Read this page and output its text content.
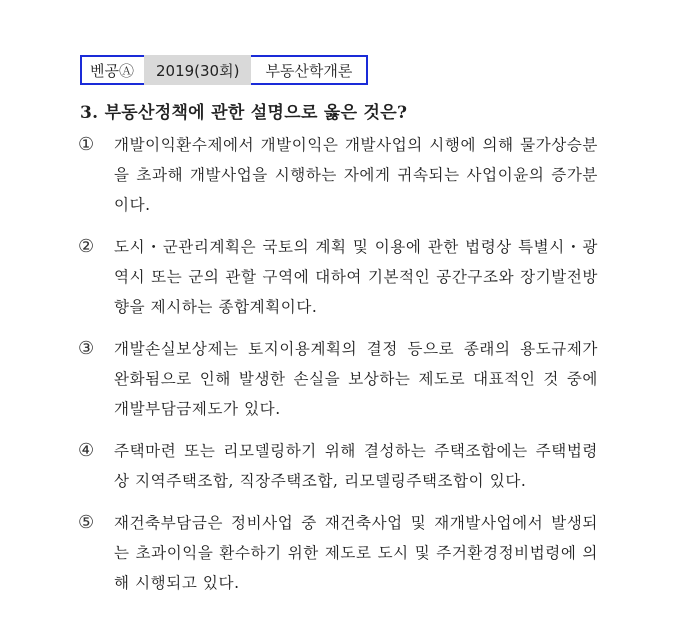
벤공Ⓐ	2019(30회)	부동산학개론
3. 부동산정책에 관한 설명으로 옳은 것은?
①	개발이익환수제에서 개발이익은 개발사업의 시행에 의해 물가상승분을 초과해 개발사업을 시행하는 자에게 귀속되는 사업이윤의 증가분이다.
②	도시・군관리계획은 국토의 계획 및 이용에 관한 법령상 특별시・광역시 또는 군의 관할 구역에 대하여 기본적인 공간구조와 장기발전방향을 제시하는 종합계획이다.
③	개발손실보상제는 토지이용계획의 결정 등으로 종래의 용도규제가 완화됨으로 인해 발생한 손실을 보상하는 제도로 대표적인 것 중에 개발부담금제도가 있다.
④	주택마련 또는 리모델링하기 위해 결성하는 주택조합에는 주택법령상 지역주택조합, 직장주택조합, 리모델링주택조합이 있다.
⑤	재건축부담금은 정비사업 중 재건축사업 및 재개발사업에서 발생되는 초과이익을 환수하기 위한 제도로 도시 및 주거환경정비법령에 의해 시행되고 있다.
